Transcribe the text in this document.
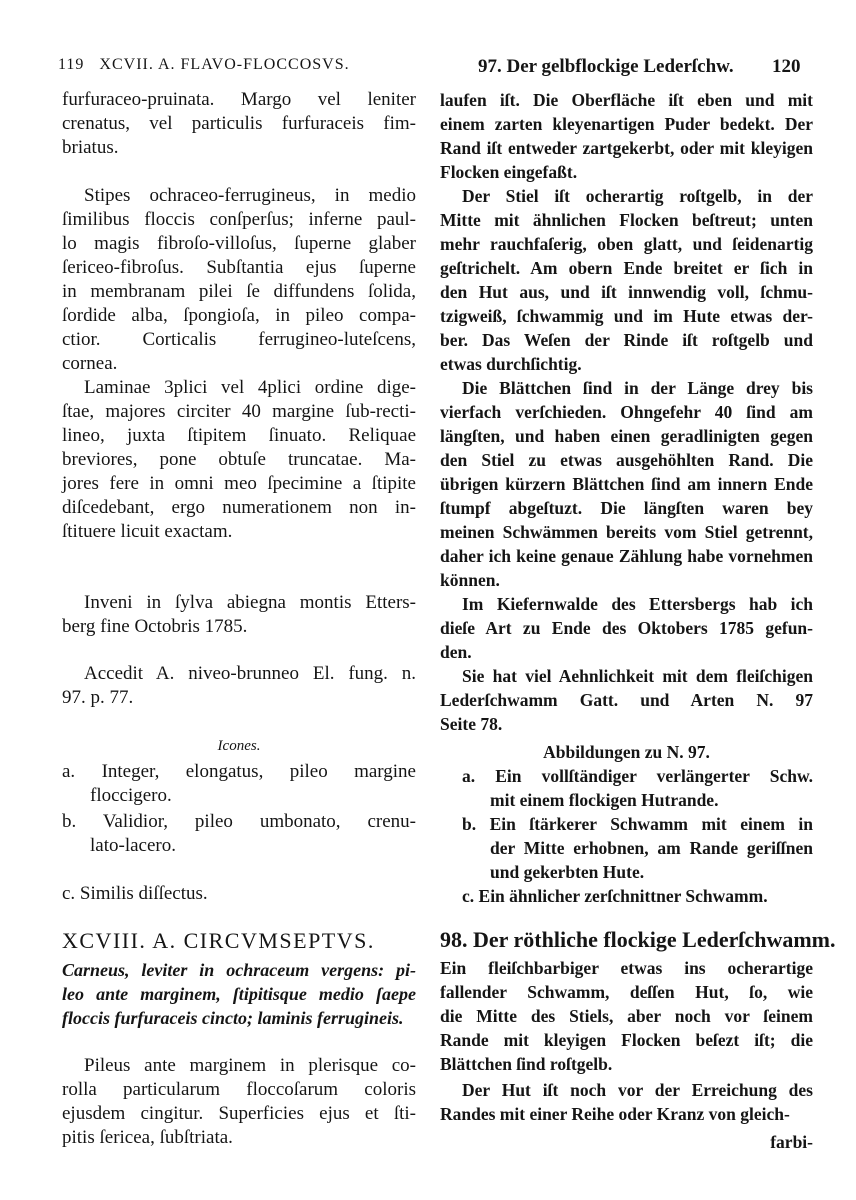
119 XCVII. A. FLAVO-FLOCCOSVS.	97. Der gelbflockige Lederſchw. 120
furfuraceo-pruinata. Margo vel leniter
crenatus, vel particulis furfuraceis fim-
briatus.
Stipes ochraceo-ferrugineus, in medio
ſimilibus floccis conſperſus; inferne paul-
lo magis fibroſo-villoſus, ſuperne glaber
ſericeo-fibroſus. Subſtantia ejus ſuperne
in membranam pilei ſe diffundens ſolida,
ſordide alba, ſpongioſa, in pileo compa-
ctior. Corticalis ferrugineo-luteſcens,
cornea.
Laminae 3plici vel 4plici ordine dige-
ſtae, majores circiter 40 margine ſub-recti-
lineo, juxta ſtipitem ſinuato. Reliquae
breviores, pone obtuſe truncatae. Ma-
jores fere in omni meo ſpecimine a ſtipite
diſcedebant, ergo numerationem non in-
ſtituere licuit exactam.
Inveni in ſylva abiegna montis Etters-
berg fine Octobris 1785.
Accedit A. niveo-brunneo El. fung. n.
97. p. 77.
Icones.
a. Integer, elongatus, pileo margine
floccigero.
b. Validior, pileo umbonato, crenu-
lato-lacero.
c. Similis diſſectus.
XCVIII. A. CIRCVMSEPTVS.
Carneus, leviter in ochraceum vergens: pi-
leo ante marginem, ſtipitisque medio ſaepe
floccis furfuraceis cincto; laminis ferrugineis.
Pileus ante marginem in plerisque co-
rolla particularum floccoſarum coloris
ejusdem cingitur. Superficies ejus et ſti-
pitis ſericea, ſubſtriata.
laufen iſt. Die Oberfläche iſt eben und mit
einem zarten kleyenartigen Puder bedekt. Der
Rand iſt entweder zartgekerbt, oder mit kleyigen
Flocken eingefaßt.
Der Stiel iſt ocherartig roſtgelb, in der
Mitte mit ähnlichen Flocken beſtreut; unten
mehr rauchfaſerig, oben glatt, und ſeidenartig
geſtrichelt. Am obern Ende breitet er ſich in
den Hut aus, und iſt innwendig voll, ſchmu-
tzigweiß, ſchwammig und im Hute etwas der-
ber. Das Weſen der Rinde iſt roſtgelb und
etwas durchſichtig.
Die Blättchen ſind in der Länge drey bis
vierfach verſchieden. Ohngefehr 40 ſind am
längſten, und haben einen geradlinigten gegen
den Stiel zu etwas ausgehöhlten Rand. Die
übrigen kürzern Blättchen ſind am innern Ende
ſtumpf abgeſtuzt. Die längſten waren bey
meinen Schwämmen bereits vom Stiel getrennt,
daher ich keine genaue Zählung habe vornehmen
können.
Im Kiefernwalde des Ettersbergs hab ich
dieſe Art zu Ende des Oktobers 1785 gefun-
den.
Sie hat viel Aehnlichkeit mit dem fleiſchigen
Lederſchwamm Gatt. und Arten N. 97
Seite 78.
Abbildungen zu N. 97.
a. Ein vollſtändiger verlängerter Schw.
mit einem flockigen Hutrande.
b. Ein ſtärkerer Schwamm mit einem in
der Mitte erhobnen, am Rande geriſſnen
und gekerbten Hute.
c. Ein ähnlicher zerſchnittner Schwamm.
98. Der röthliche flockige Lederſchwamm.
Ein fleiſchbarbiger etwas ins ocherartige
fallender Schwamm, deſſen Hut, ſo, wie
die Mitte des Stiels, aber noch vor ſeinem
Rande mit kleyigen Flocken beſezt iſt; die
Blättchen ſind roſtgelb.
Der Hut iſt noch vor der Erreichung des
Randes mit einer Reihe oder Kranz von gleich-
farbi-
